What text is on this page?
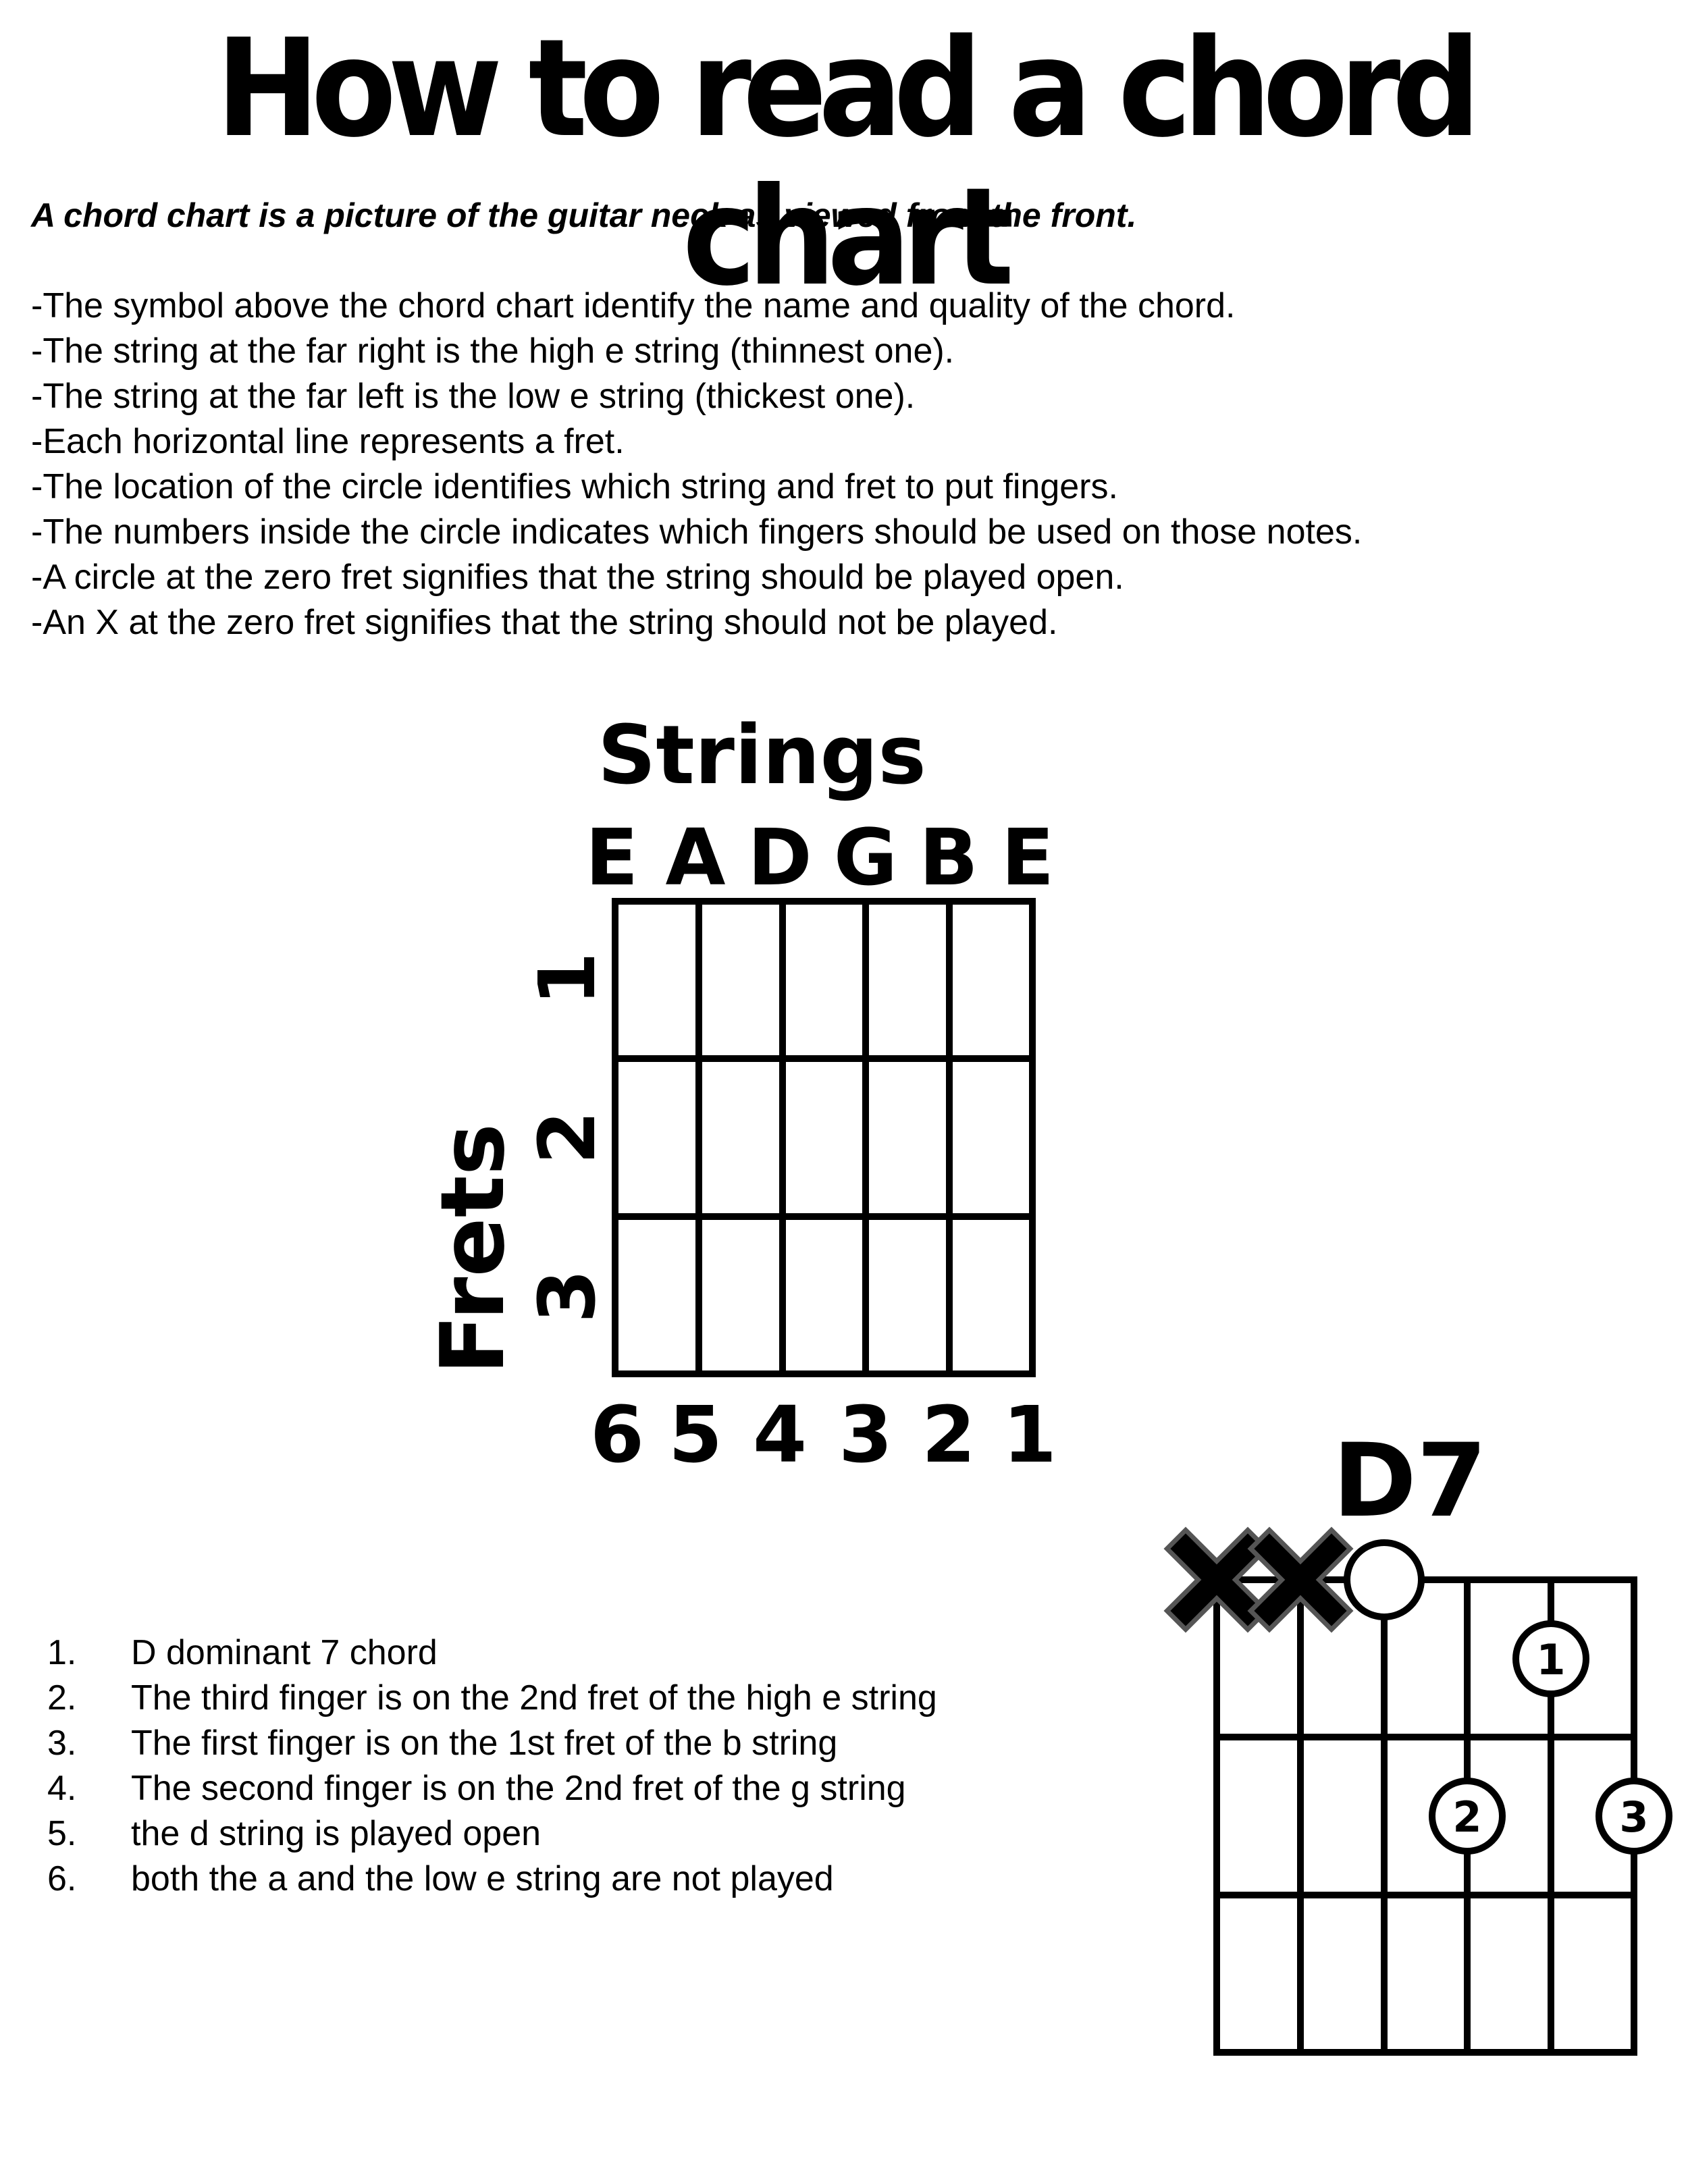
How to read a chord chart
A chord chart is a picture of the guitar neck as viewed from the front.
-The symbol above the chord chart identify the name and quality of the chord.
-The string at the far right is the high e string (thinnest one).
-The string at the far left is the low e string (thickest one).
-Each horizontal line represents a fret.
-The location of the circle identifies which string and fret to put fingers.
-The numbers inside the circle indicates which fingers should be used on those notes.
-A circle at the zero fret signifies that the string should be played open.
-An X at the zero fret signifies that the string should not be played.
Strings
E A D G B E
1
2
3
Frets
6 5 4 3 2 1	D7
1
2	3
1. D dominant 7 chord
2. The third finger is on the 2nd fret of the high e string
3. The first finger is on the 1st fret of the b string
4. The second finger is on the 2nd fret of the g string
5. the d string is played open
6. both the a and the low e string are not played
